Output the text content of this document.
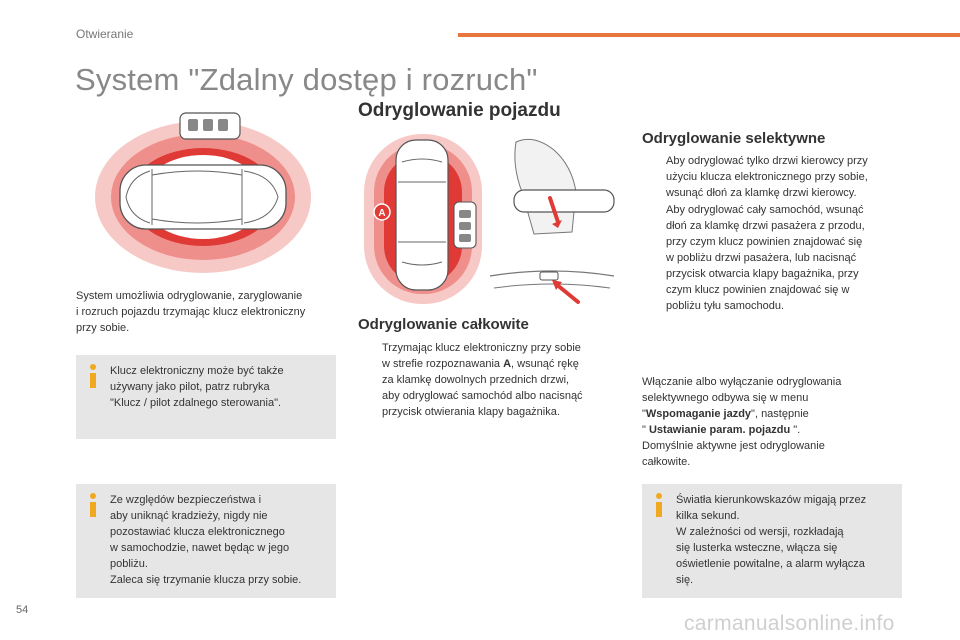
Otwieranie
System "Zdalny dostęp i rozruch"
System umożliwia odryglowanie, zaryglowanie
i rozruch pojazdu trzymając klucz elektroniczny
przy sobie.
Klucz elektroniczny może być także
używany jako pilot, patrz rubryka
"Klucz / pilot zdalnego sterowania".
Ze względów bezpieczeństwa i
aby uniknąć kradzieży, nigdy nie
pozostawiać klucza elektronicznego
w samochodzie, nawet będąc w jego
pobliżu.
Zaleca się trzymanie klucza przy sobie.
Odryglowanie pojazdu
A
Odryglowanie całkowite
Trzymając klucz elektroniczny przy sobie
w strefie rozpoznawania A, wsunąć rękę
za klamkę dowolnych przednich drzwi,
aby odryglować samochód albo nacisnąć
przycisk otwierania klapy bagażnika.
Odryglowanie selektywne
Aby odryglować tylko drzwi kierowcy przy
użyciu klucza elektronicznego przy sobie,
wsunąć dłoń za klamkę drzwi kierowcy.
Aby odryglować cały samochód, wsunąć
dłoń za klamkę drzwi pasażera z przodu,
przy czym klucz powinien znajdować się
w pobliżu drzwi pasażera, lub nacisnąć
przycisk otwarcia klapy bagażnika, przy
czym klucz powinien znajdować się w
pobliżu tyłu samochodu.
Włączanie albo wyłączanie odryglowania
selektywnego odbywa się w menu
"Wspomaganie jazdy", następnie
" Ustawianie param. pojazdu ".
Domyślnie aktywne jest odryglowanie
całkowite.
Światła kierunkowskazów migają przez
kilka sekund.
W zależności od wersji, rozkładają
się lusterka wsteczne, włącza się
oświetlenie powitalne, a alarm wyłącza
się.
54
carmanualsonline.info
